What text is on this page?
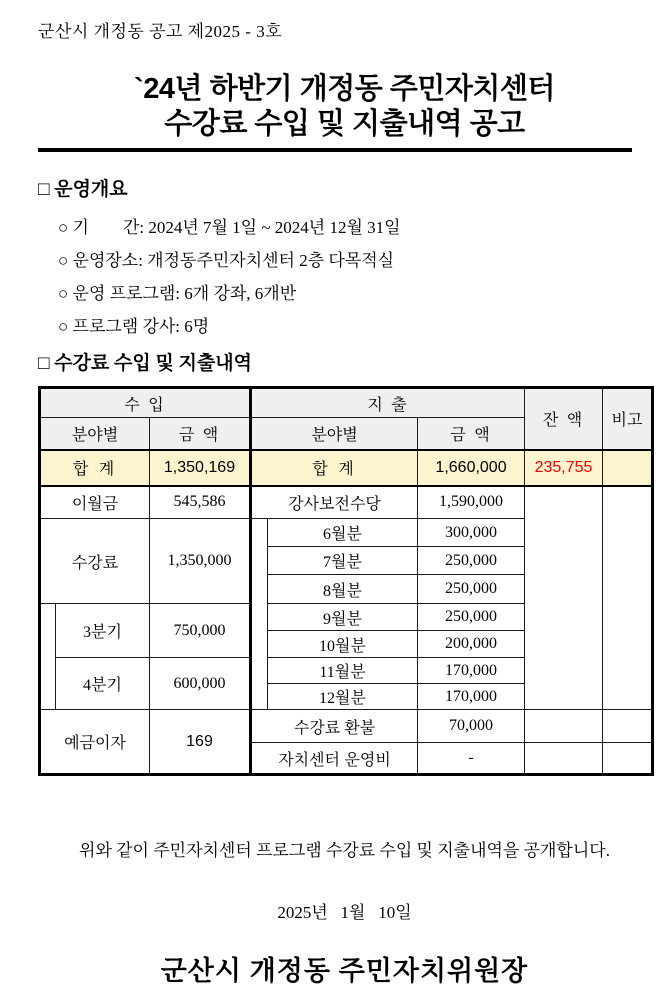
군산시 개정동 공고 제2025 - 3호
`24년 하반기 개정동 주민자치센터
수강료 수입 및 지출내역 공고
□ 운영개요
○ 기　　간: 2024년 7월 1일 ~ 2024년 12월 31일
○ 운영장소: 개정동주민자치센터 2층 다목적실
○ 운영 프로그램: 6개 강좌, 6개반
○ 프로그램 강사: 6명
□ 수강료 수입 및 지출내역
수 입			지 출			잔 액	비고
분야별		금 액	분야별		금 액		
합 계		1,350,169	합 계		1,660,000	235,755	
이월금		545,586	강사보전수당		1,590,000		
수강료		1,350,000		6월분	300,000		
				7월분	250,000		
				8월분	250,000		
	3분기	750,000		9월분	250,000		
				10월분	200,000		
	4분기	600,000		11월분	170,000		
				12월분	170,000		
예금이자		169	수강료 환불		70,000		
			자치센터 운영비		-		
위와 같이 주민자치센터 프로그램 수강료 수입 및 지출내역을 공개합니다.
2025년   1월   10일
군산시 개정동 주민자치위원장
